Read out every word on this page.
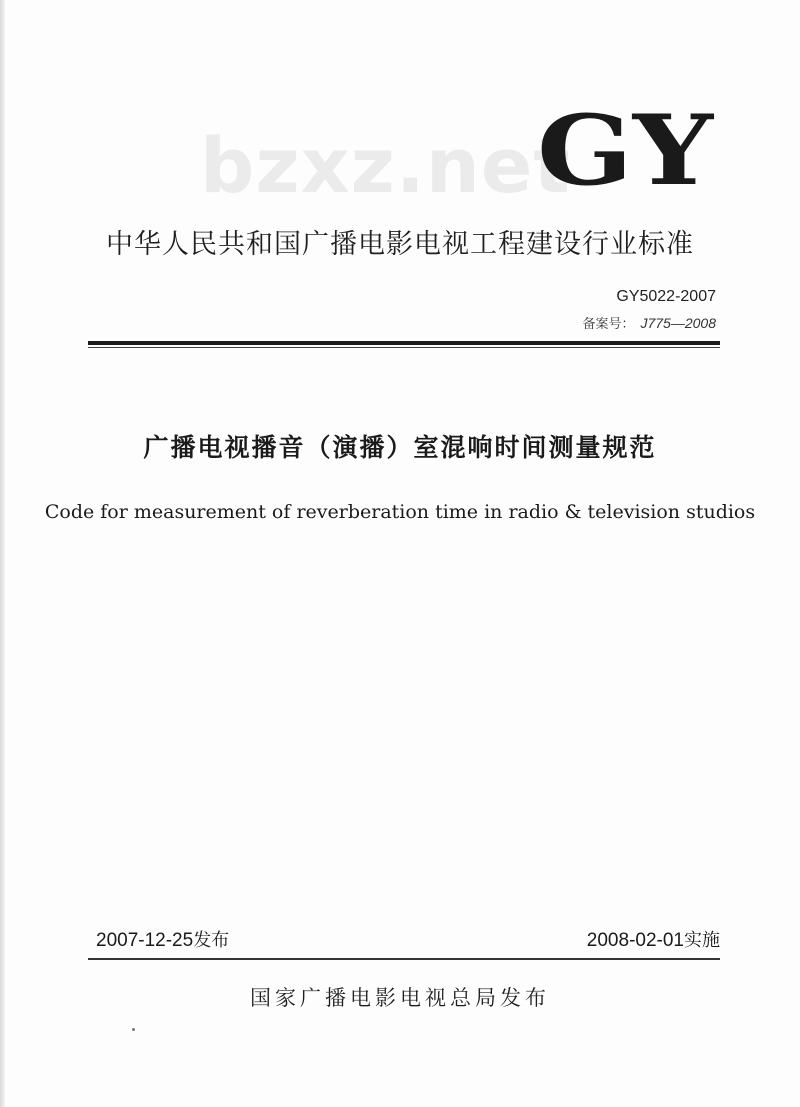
bzxz.net
GY
中华人民共和国广播电影电视工程建设行业标准
GY5022-2007
备案号： J775—2008
广播电视播音（演播）室混响时间测量规范
Code for measurement of reverberation time in radio & television studios
2007-12-25 发布	2008-02-01 实施
国家广播电影电视总局发布
